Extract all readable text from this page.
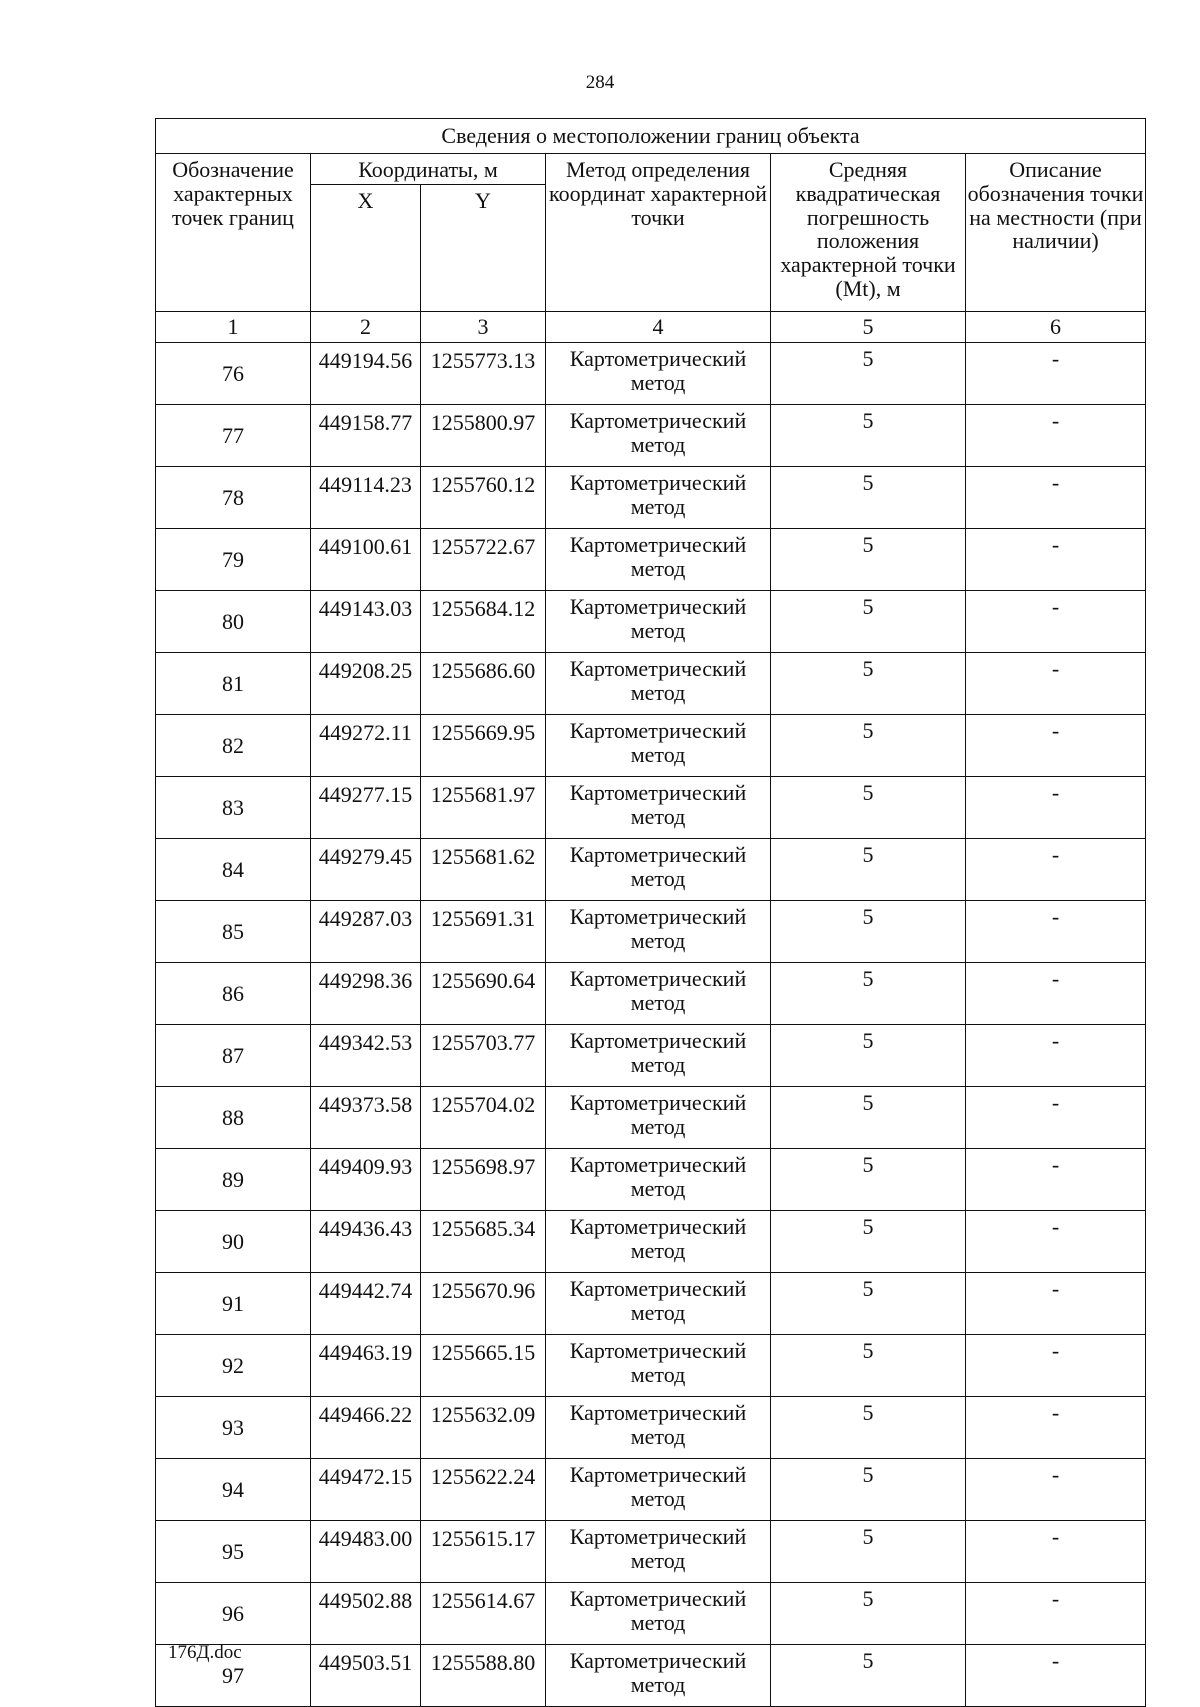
284
Сведения о местоположении границ объекта					
Обозначение характерных точек границ	Координаты, м		Метод определения координат характерной точки	Средняя квадратическая погрешность положения характерной точки (Mt), м	Описание обозначения точки на местности (при наличии)
	X	Y			
1	2	3	4	5	6
76	449194.56	1255773.13	Картометрический метод	5	-
77	449158.77	1255800.97	Картометрический метод	5	-
78	449114.23	1255760.12	Картометрический метод	5	-
79	449100.61	1255722.67	Картометрический метод	5	-
80	449143.03	1255684.12	Картометрический метод	5	-
81	449208.25	1255686.60	Картометрический метод	5	-
82	449272.11	1255669.95	Картометрический метод	5	-
83	449277.15	1255681.97	Картометрический метод	5	-
84	449279.45	1255681.62	Картометрический метод	5	-
85	449287.03	1255691.31	Картометрический метод	5	-
86	449298.36	1255690.64	Картометрический метод	5	-
87	449342.53	1255703.77	Картометрический метод	5	-
88	449373.58	1255704.02	Картометрический метод	5	-
89	449409.93	1255698.97	Картометрический метод	5	-
90	449436.43	1255685.34	Картометрический метод	5	-
91	449442.74	1255670.96	Картометрический метод	5	-
92	449463.19	1255665.15	Картометрический метод	5	-
93	449466.22	1255632.09	Картометрический метод	5	-
94	449472.15	1255622.24	Картометрический метод	5	-
95	449483.00	1255615.17	Картометрический метод	5	-
96	449502.88	1255614.67	Картометрический метод	5	-
97	449503.51	1255588.80	Картометрический метод	5	-
176Д.doc
